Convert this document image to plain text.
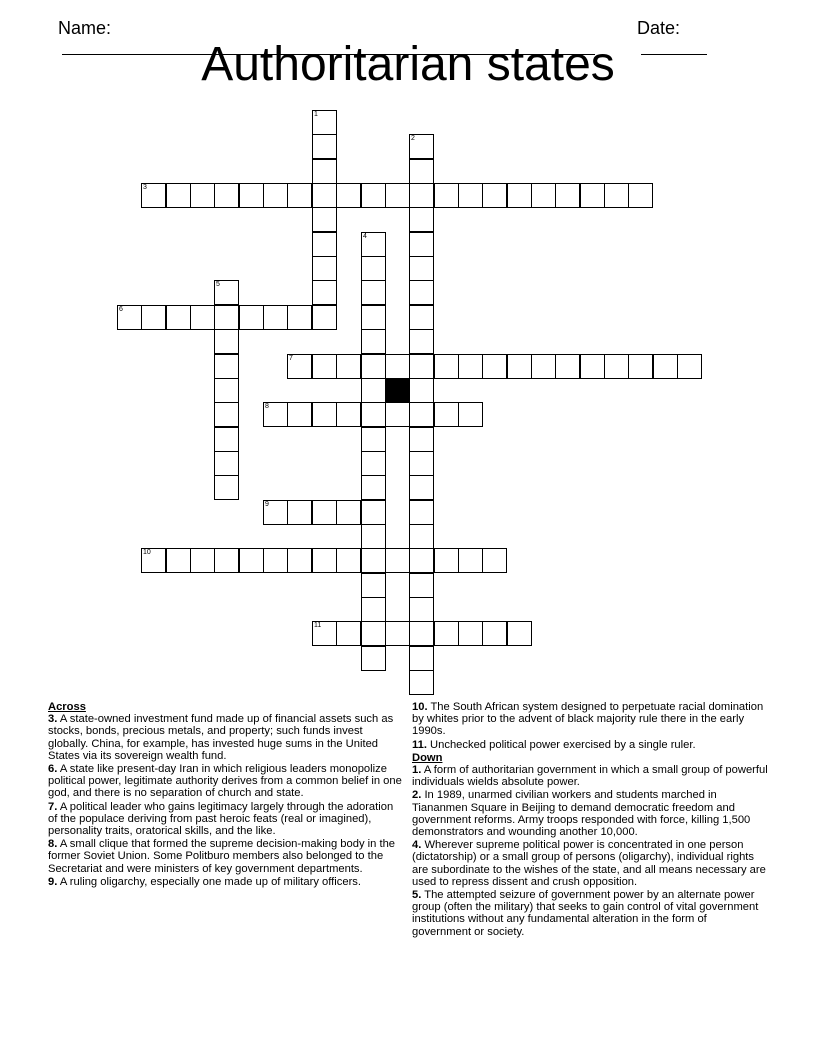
Name:
	Date:

Authoritarian states
1
2
3
4
5
6
7
8
9
10
11
Across

3. A state-owned investment fund made up of financial assets such as stocks, bonds, precious metals, and property; such funds invest globally. China, for example, has invested huge sums in the United States via its sovereign wealth fund.

6. A state like present-day Iran in which religious leaders monopolize political power, legitimate authority derives from a common belief in one god, and there is no separation of church and state.

7. A political leader who gains legitimacy largely through the adoration of the populace deriving from past heroic feats (real or imagined), personality traits, oratorical skills, and the like.

8. A small clique that formed the supreme decision-making body in the former Soviet Union. Some Politburo members also belonged to the Secretariat and were ministers of key government departments.

9. A ruling oligarchy, especially one made up of military officers.

10. The South African system designed to perpetuate racial domination by whites prior to the advent of black majority rule there in the early 1990s.

11. Unchecked political power exercised by a single ruler.

Down

1. A form of authoritarian government in which a small group of powerful individuals wields absolute power.

2. In 1989, unarmed civilian workers and students marched in Tiananmen Square in Beijing to demand democratic freedom and government reforms. Army troops responded with force, killing 1,500 demonstrators and wounding another 10,000.

4. Wherever supreme political power is concentrated in one person (dictatorship) or a small group of persons (oligarchy), individual rights are subordinate to the wishes of the state, and all means necessary are used to repress dissent and crush opposition.

5. The attempted seizure of government power by an alternate power group (often the military) that seeks to gain control of vital government institutions without any fundamental alteration in the form of government or society.
